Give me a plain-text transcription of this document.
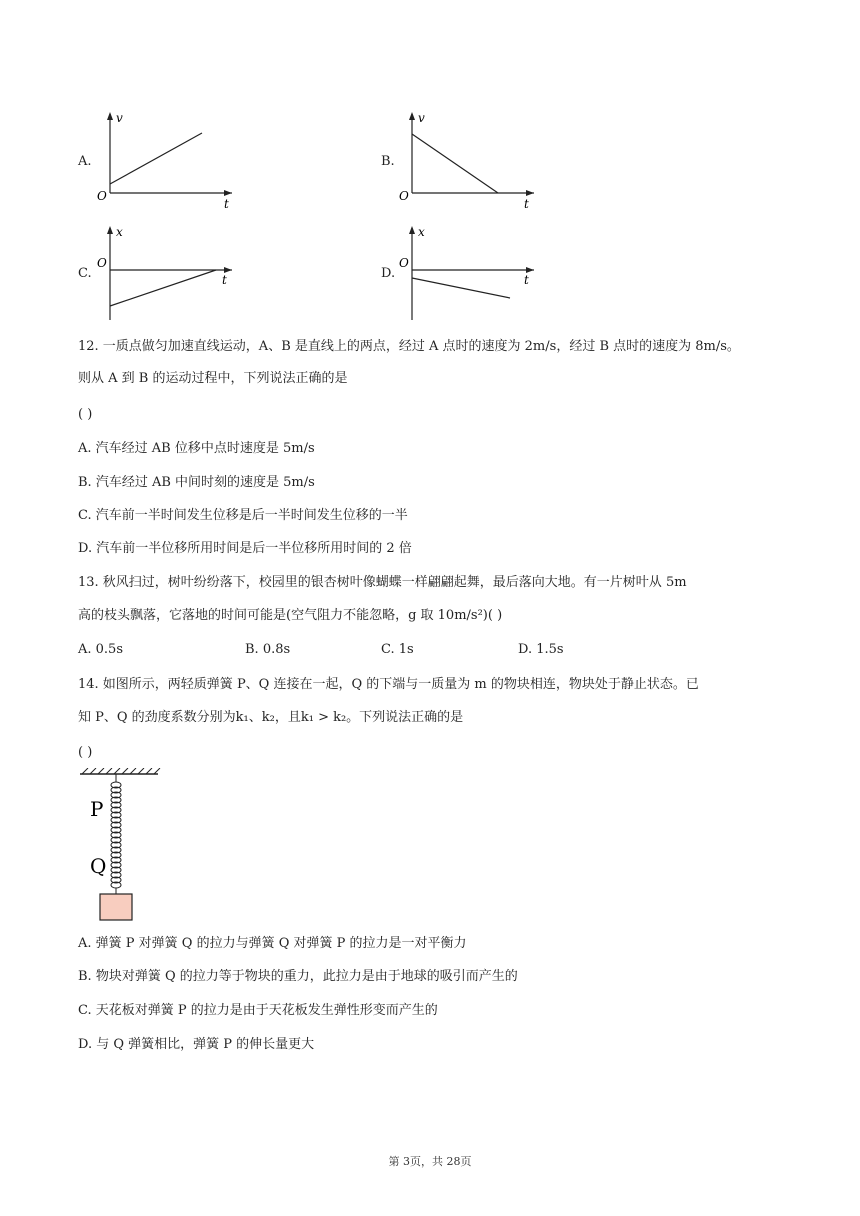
A.
v
O
t
B.
v
O
t
C.
x
O
t	D.
x
O
t
12. 一质点做匀加速直线运动，A、B 是直线上的两点，经过 A 点时的速度为 2m/s，经过 B 点时的速度为 8m/s。
则从 A 到 B 的运动过程中，下列说法正确的是
( )
A. 汽车经过 AB 位移中点时速度是 5m/s
B. 汽车经过 AB 中间时刻的速度是 5m/s
C. 汽车前一半时间发生位移是后一半时间发生位移的一半
D. 汽车前一半位移所用时间是后一半位移所用时间的 2 倍
13. 秋风扫过，树叶纷纷落下，校园里的银杏树叶像蝴蝶一样翩翩起舞，最后落向大地。有一片树叶从 5m
高的枝头飘落，它落地的时间可能是(空气阻力不能忽略，g 取 10m/s²)( )
A. 0.5s	B. 0.8s	C. 1s	D. 1.5s
14. 如图所示，两轻质弹簧 P、Q 连接在一起，Q 的下端与一质量为 m 的物块相连，物块处于静止状态。已
知 P、Q 的劲度系数分别为k₁、k₂，且k₁ > k₂。下列说法正确的是
( )
P
Q
A. 弹簧 P 对弹簧 Q 的拉力与弹簧 Q 对弹簧 P 的拉力是一对平衡力
B. 物块对弹簧 Q 的拉力等于物块的重力，此拉力是由于地球的吸引而产生的
C. 天花板对弹簧 P 的拉力是由于天花板发生弹性形变而产生的
D. 与 Q 弹簧相比，弹簧 P 的伸长量更大
第 3页，共 28页
